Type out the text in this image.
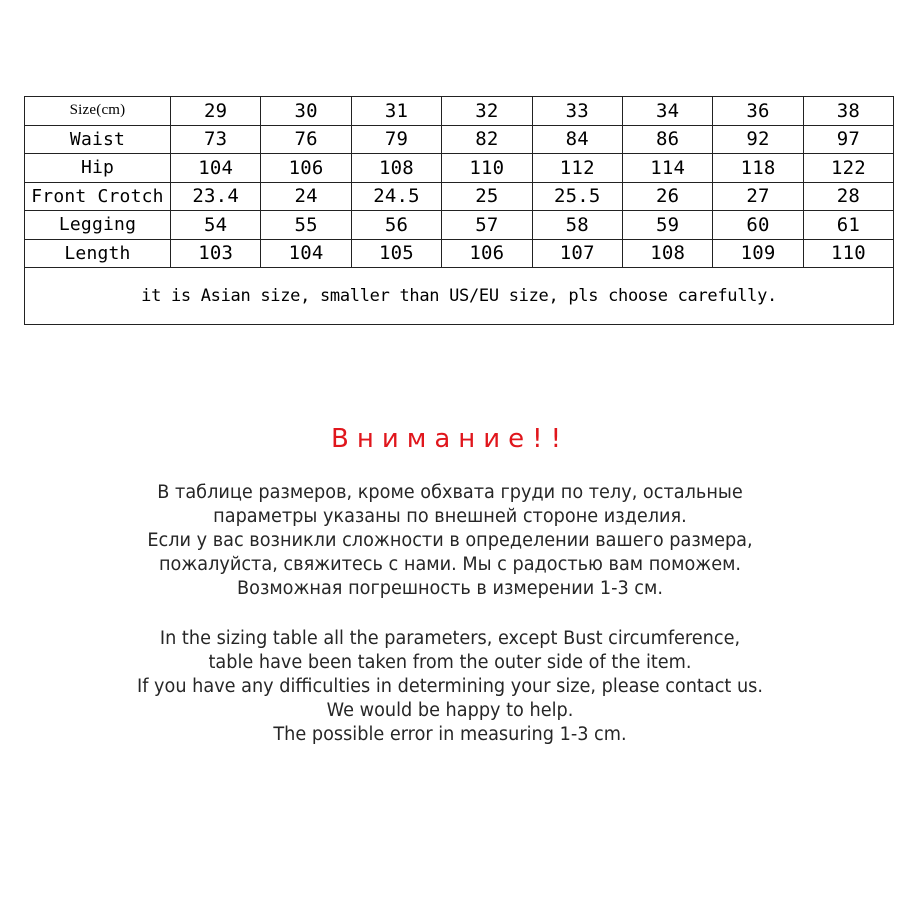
Size(cm)	29	30	31	32	33	34	36	38
Waist	73	76	79	82	84	86	92	97
Hip	104	106	108	110	112	114	118	122
Front Crotch	23.4	24	24.5	25	25.5	26	27	28
Legging	54	55	56	57	58	59	60	61
Length	103	104	105	106	107	108	109	110
it is Asian size, smaller than US/EU size, pls choose carefully.								
Внимание!!
В таблице размеров, кроме обхвата груди по телу, остальные
параметры указаны по внешней стороне изделия.
Если у вас возникли сложности в определении вашего размера,
пожалуйста, свяжитесь с нами. Мы с радостью вам поможем.
Возможная погрешность в измерении 1-3 см.
In the sizing table all the parameters, except Bust circumference,
table have been taken from the outer side of the item.
If you have any difficulties in determining your size, please contact us.
We would be happy to help.
The possible error in measuring 1-3 cm.
